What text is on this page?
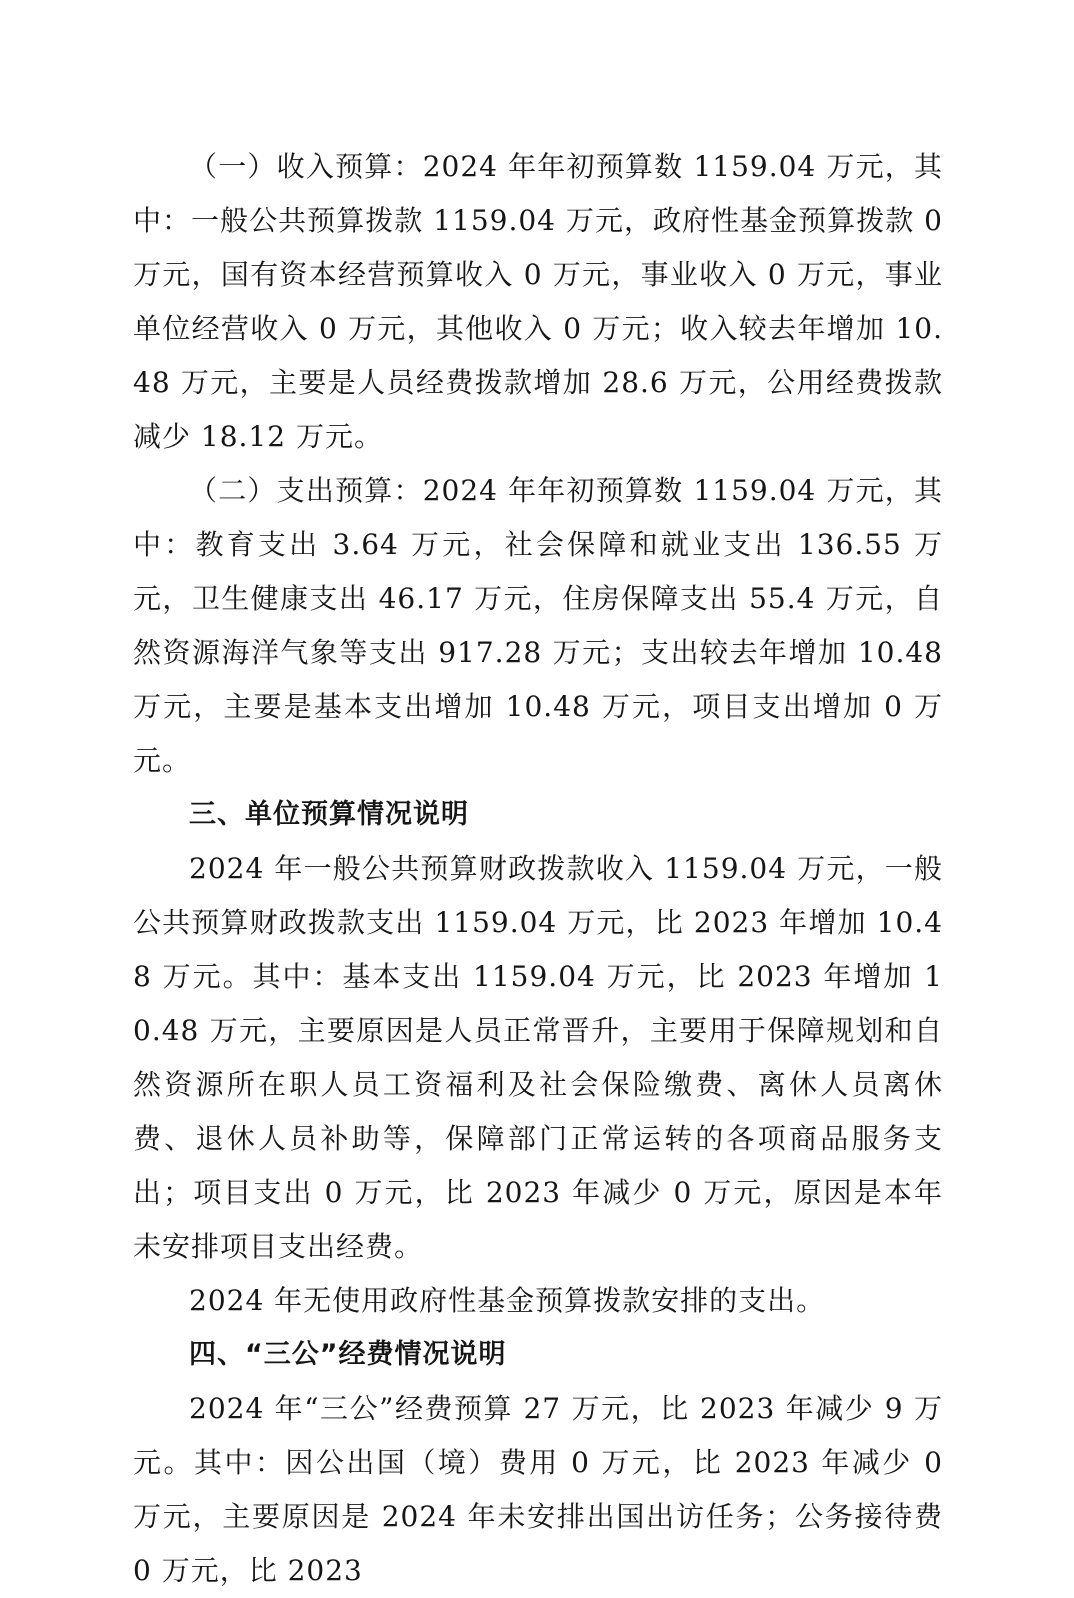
（一）收入预算：2024 年年初预算数 1159.04 万元，其中：一般公共预算拨款 1159.04 万元，政府性基金预算拨款 0 万元，国有资本经营预算收入 0 万元，事业收入 0 万元，事业单位经营收入 0 万元，其他收入 0 万元；收入较去年增加 10.48 万元，主要是人员经费拨款增加 28.6 万元，公用经费拨款减少 18.12 万元。

（二）支出预算：2024 年年初预算数 1159.04 万元，其中：教育支出 3.64 万元，社会保障和就业支出 136.55 万元，卫生健康支出 46.17 万元，住房保障支出 55.4 万元，自然资源海洋气象等支出 917.28 万元；支出较去年增加 10.48 万元，主要是基本支出增加 10.48 万元，项目支出增加 0 万元。

三、单位预算情况说明

2024 年一般公共预算财政拨款收入 1159.04 万元，一般公共预算财政拨款支出 1159.04 万元，比 2023 年增加 10.48 万元。其中：基本支出 1159.04 万元，比 2023 年增加 10.48 万元，主要原因是人员正常晋升，主要用于保障规划和自然资源所在职人员工资福利及社会保险缴费、离休人员离休费、退休人员补助等，保障部门正常运转的各项商品服务支出；项目支出 0 万元，比 2023 年减少 0 万元，原因是本年未安排项目支出经费。

2024 年无使用政府性基金预算拨款安排的支出。

四、“三公”经费情况说明

2024 年“三公”经费预算 27 万元，比 2023 年减少 9 万元。其中：因公出国（境）费用 0 万元，比 2023 年减少 0 万元，主要原因是 2024 年未安排出国出访任务；公务接待费 0 万元，比 2023
